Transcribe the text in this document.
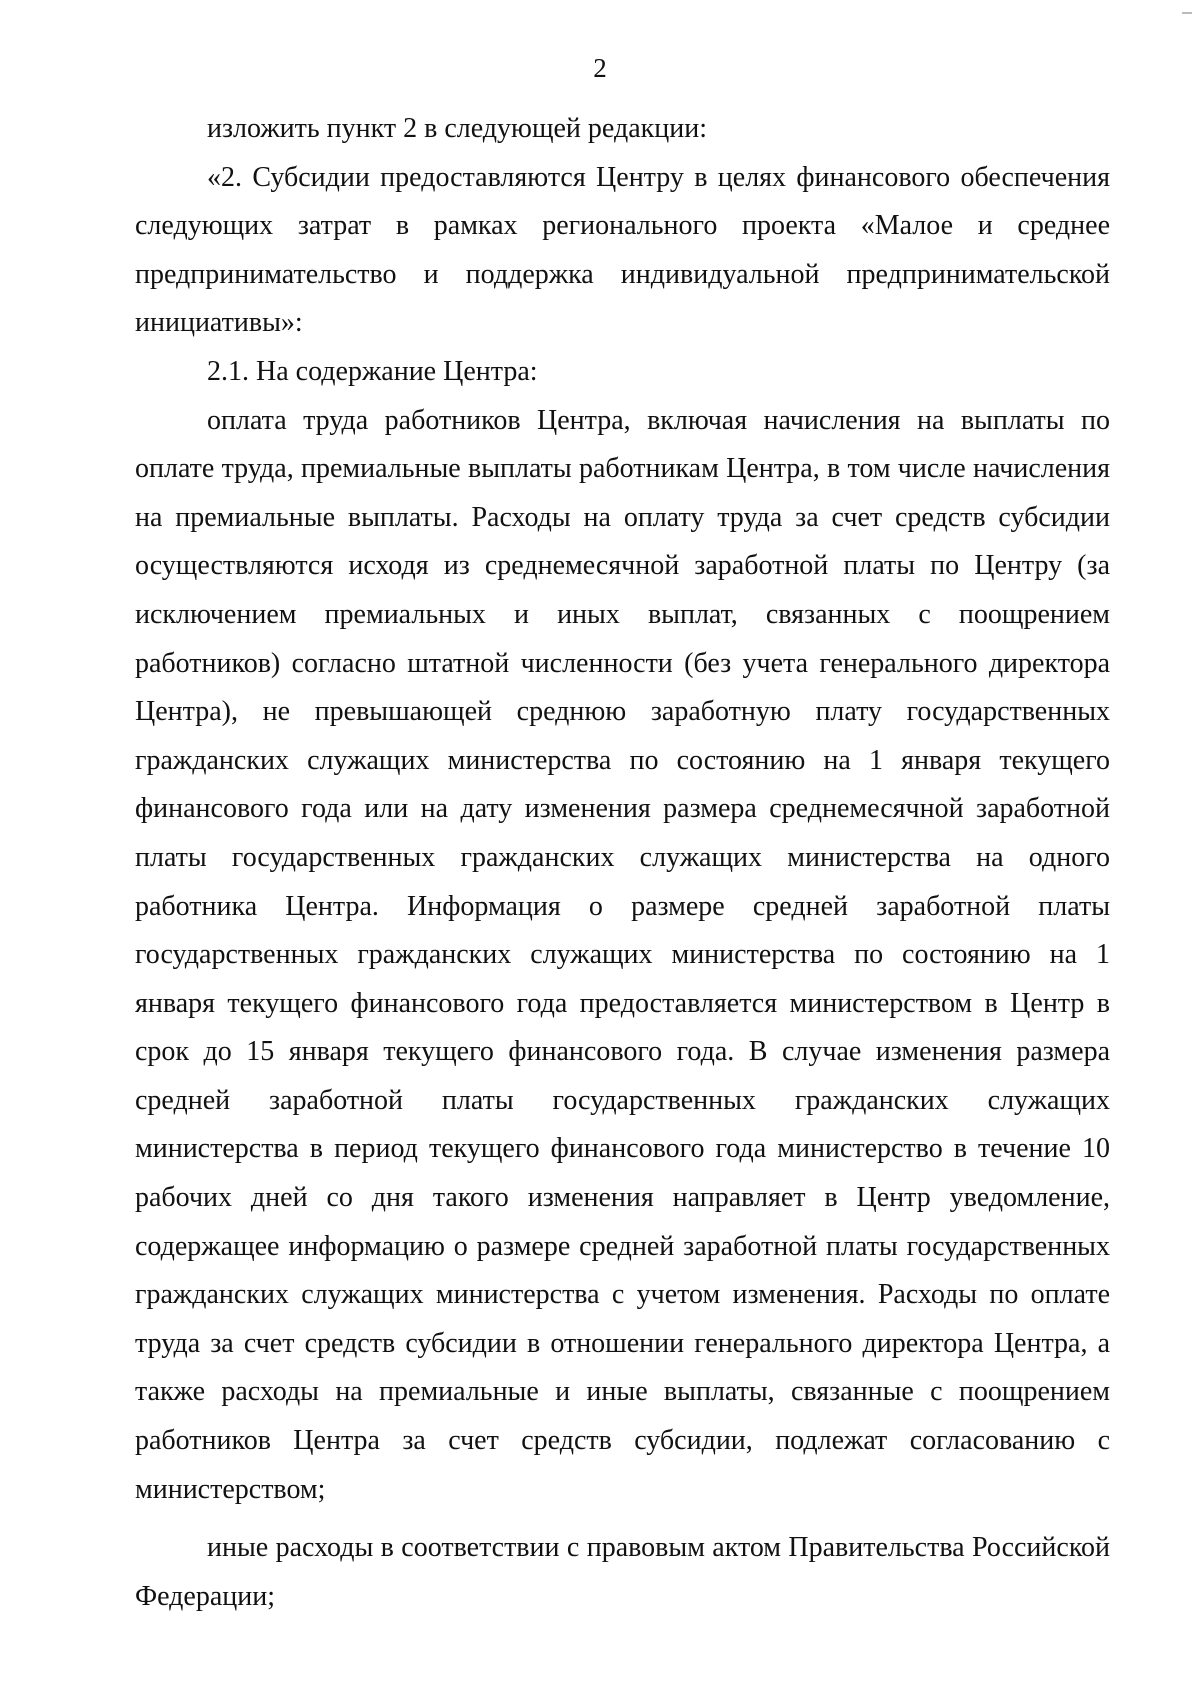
2

изложить пункт 2 в следующей редакции:

«2. Субсидии предоставляются Центру в целях финансового обеспечения следующих затрат в рамках регионального проекта «Малое и среднее предпринимательство и поддержка индивидуальной предпринимательской инициативы»:

2.1. На содержание Центра:

оплата труда работников Центра, включая начисления на выплаты по оплате труда, премиальные выплаты работникам Центра, в том числе начисления на премиальные выплаты. Расходы на оплату труда за счет средств субсидии осуществляются исходя из среднемесячной заработной платы по Центру (за исключением премиальных и иных выплат, связанных с поощрением работников) согласно штатной численности (без учета генерального директора Центра), не превышающей среднюю заработную плату государственных гражданских служащих министерства по состоянию на 1 января текущего финансового года или на дату изменения размера среднемесячной заработной платы государственных гражданских служащих министерства на одного работника Центра. Информация о размере средней заработной платы государственных гражданских служащих министерства по состоянию на 1 января текущего финансового года предоставляется министерством в Центр в срок до 15 января текущего финансового года. В случае изменения размера средней заработной платы государственных гражданских служащих министерства в период текущего финансового года министерство в течение 10 рабочих дней со дня такого изменения направляет в Центр уведомление, содержащее информацию о размере средней заработной платы государственных гражданских служащих министерства с учетом изменения. Расходы по оплате труда за счет средств субсидии в отношении генерального директора Центра, а также расходы на премиальные и иные выплаты, связанные с поощрением работников Центра за счет средств субсидии, подлежат согласованию с министерством;

иные расходы в соответствии с правовым актом Правительства Российской Федерации;
